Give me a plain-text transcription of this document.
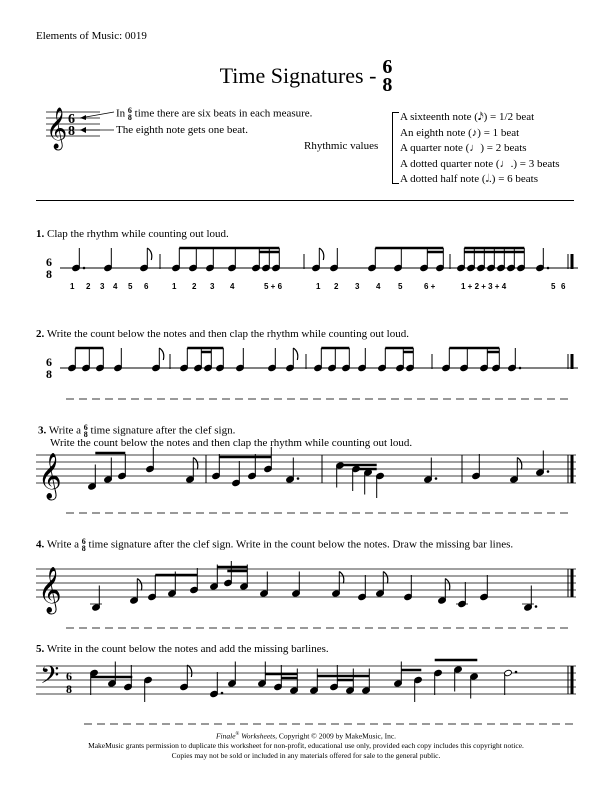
Elements of Music: 0019
Time Signatures - 6
8
𝄞 6
8
In 6
8 time there are six beats in each measure.
The eighth note gets one beat.
Rhythmic values
A sixteenth note (𝅘𝅥𝅯) = 1/2 beat
An eighth note (♪) = 1 beat
A quarter note (♩) = 2 beats
A dotted quarter note (♩.) = 3 beats
A dotted half note (𝅗𝅥.) = 6 beats
1. Clap the rhythm while counting out loud.
2. Write the count below the notes and then clap the rhythm while counting out loud.
3. Write a 6
8 time signature after the clef sign.
Write the count below the notes and then clap the rhythm while counting out loud.
4. Write a 6
8 time signature after the clef sign. Write in the count below the notes. Draw the missing bar lines.
5. Write in the count below the notes and add the missing barlines.
6
8
6
8
𝄞
𝄞
𝄢 6
8
1 2 3 4 5 6	1 2 3 4	5 + 6	1 2 3 4 5	6 +	1 + 2 + 3 + 4	5 6
Finale® Worksheets, Copyright © 2009 by MakeMusic, Inc.
MakeMusic grants permission to duplicate this worksheet for non-profit, educational use only, provided each copy includes this copyright notice.
Copies may not be sold or included in any materials offered for sale to the general public.
